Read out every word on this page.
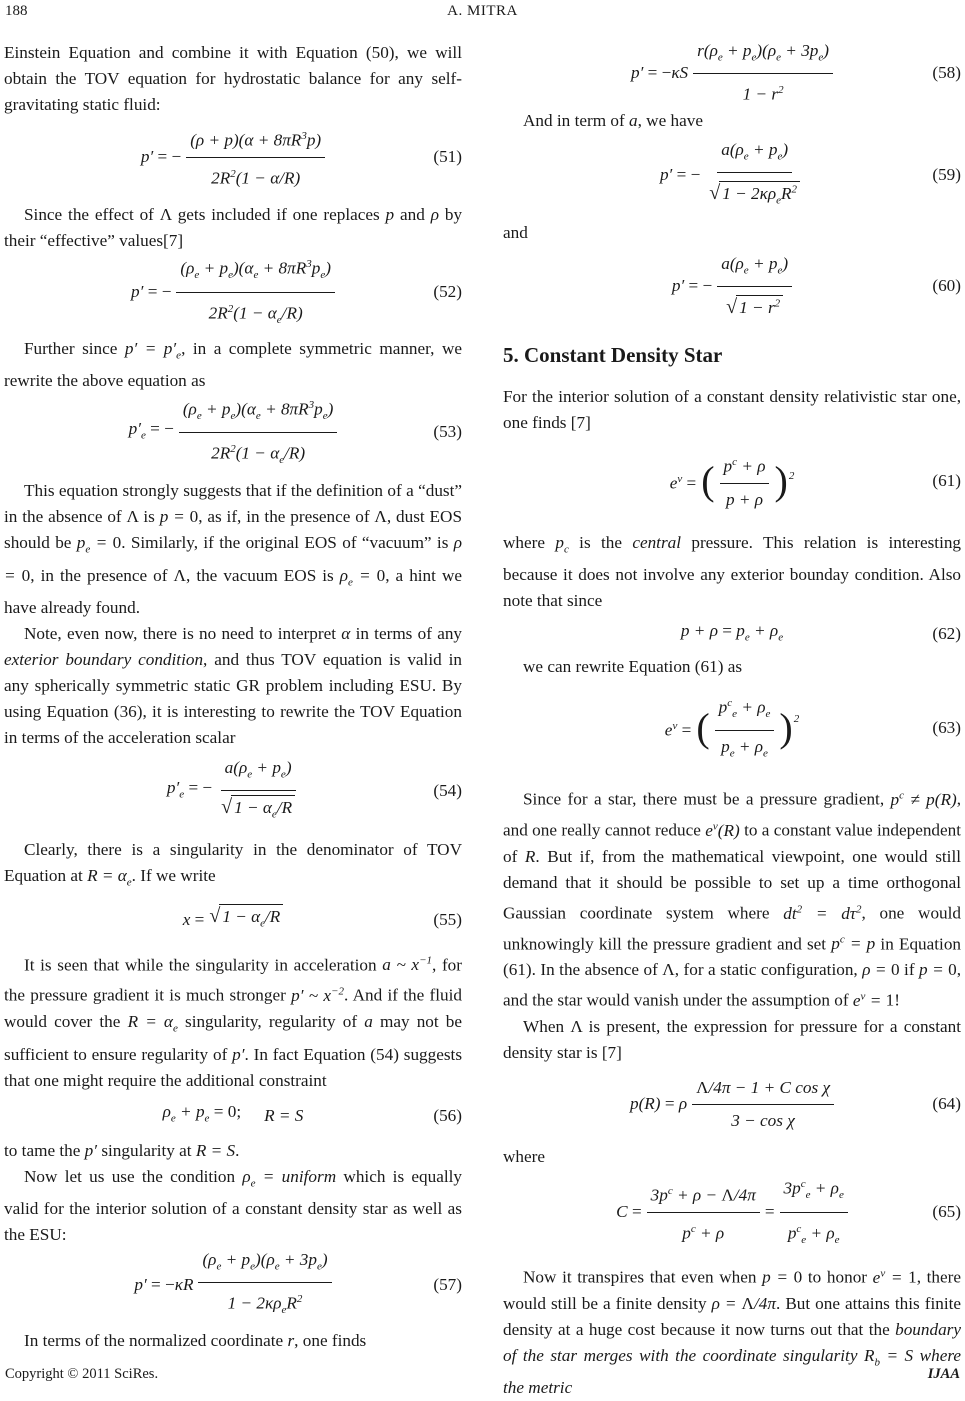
188	A. MITRA

Einstein Equation and combine it with Equation (50), we will obtain the TOV equation for hydrostatic balance for any self-gravitating static fluid:

p′ = − $\frac{(\rho + p)(\alpha + 8\pi R^3p)}{2R^2(1 - \alpha/R)}$	(51)

Since the effect of Λ gets included if one replaces p and ρ by their “effective” values[7]

p′ = − $\frac{(\rho_e + p_e)(\alpha_e + 8\pi R^3p_e)}{2R^2(1 - \alpha_e/R)}$	(52)

Further since $p' = p'_e$, in a complete symmetric manner, we rewrite the above equation as

$p'_e$ = − $\frac{(\rho_e + p_e)(\alpha_e + 8\pi R^3p_e)}{2R^2(1 - \alpha_e/R)}$	(53)

This equation strongly suggests that if the definition of a “dust” in the absence of Λ is p = 0, as if, in the presence of Λ, dust EOS should be $p_e = 0$. Similarly, if the original EOS of “vacuum” is ρ = 0, in the presence of Λ, the vacuum EOS is $\rho_e = 0$, a hint we have already found.

Note, even now, there is no need to interpret α in terms of any exterior boundary condition, and thus TOV equation is valid in any spherically symmetric static GR problem including ESU. By using Equation (36), it is interesting to rewrite the TOV Equation in terms of the acceleration scalar

$p'_e$ = − $\frac{a(\rho_e + p_e)}{√ 1 - \alpha_e/R}$	(54)

Clearly, there is a singularity in the denominator of TOV Equation at $R = \alpha_e$. If we write

x = √ $1 - \alpha_e/R$	(55)

It is seen that while the singularity in acceleration a ~ $x^{-1}$, for the pressure gradient it is much stronger p′ ~ $x^{-2}$. And if the fluid would cover the $R = \alpha_e$ singularity, regularity of a may not be sufficient to ensure regularity of p′. In fact Equation (54) suggests that one might require the additional constraint

$\rho_e + p_e = 0$; R = S	(56)

to tame the p′ singularity at R = S.

Now let us use the condition $\rho_e$ = uniform which is equally valid for the interior solution of a constant density star as well as the ESU:

$p' = -\kappa R \frac{(\rho_e + p_e)(\rho_e + 3p_e)}{1 - 2\kappa\rho_eR^2}$	(57)

In terms of the normalized coordinate r, one finds

$p' = -\kappa S \frac{r(\rho_e + p_e)(\rho_e + 3p_e)}{1 - r^2}$	(58)

And in term of a, we have

p′ = − $\frac{a(\rho_e + p_e)}{√ 1 - 2\kappa\rho_eR^2}$	(59)

and

p′ = − $\frac{a(\rho_e + p_e)}{√ 1 - r^2}$	(60)
5. Constant Density Star

For the interior solution of a constant density relativistic star one, one finds [7]

$e^\nu$ = ( $\frac{p^c + \rho}{p + \rho} )^2$	(61)

where $p_c$ is the central pressure. This relation is interesting because it does not involve any exterior bounday condition. Also note that since

$p + \rho = p_e + \rho_e$	(62)

we can rewrite Equation (61) as

$e^\nu$ = ( $\frac{p^c_e + \rho_e}{p_e + \rho_e} )^2$	(63)

Since for a star, there must be a pressure gradient, $p^c \ne p(R)$, and one really cannot reduce $e^\nu(R)$ to a constant value independent of R. But if, from the mathematical viewpoint, one would still demand that it should be possible to set up a time orthogonal Gaussian coordinate system where $dt^2 = d\tau^2$, one would unknowingly kill the pressure gradient and set $p^c = p$ in Equation (61). In the absence of Λ, for a static configuration, ρ = 0 if p = 0, and the star would vanish under the assumption of $e^\nu = 1$!

When Λ is present, the expression for pressure for a constant density star is [7]

p(R) = ρ $\frac{\text{Λ/4π − 1 + C cos χ}}{\text{3 − cos χ}}$	(64)

where

$C = \frac{3p^c + \rho - \Lambda/4\pi}{p^c + \rho} = \frac{3p^c_e + \rho_e}{p^c_e + \rho_e}$	(65)

Now it transpires that even when p = 0 to honor $e^\nu = 1$, there would still be a finite density ρ = Λ/4π. But one attains this finite density at a huge cost because it now turns out that the boundary of the star merges with the coordinate singularity $R_b = S$ where the metric

Copyright © 2011 SciRes.	IJAA
